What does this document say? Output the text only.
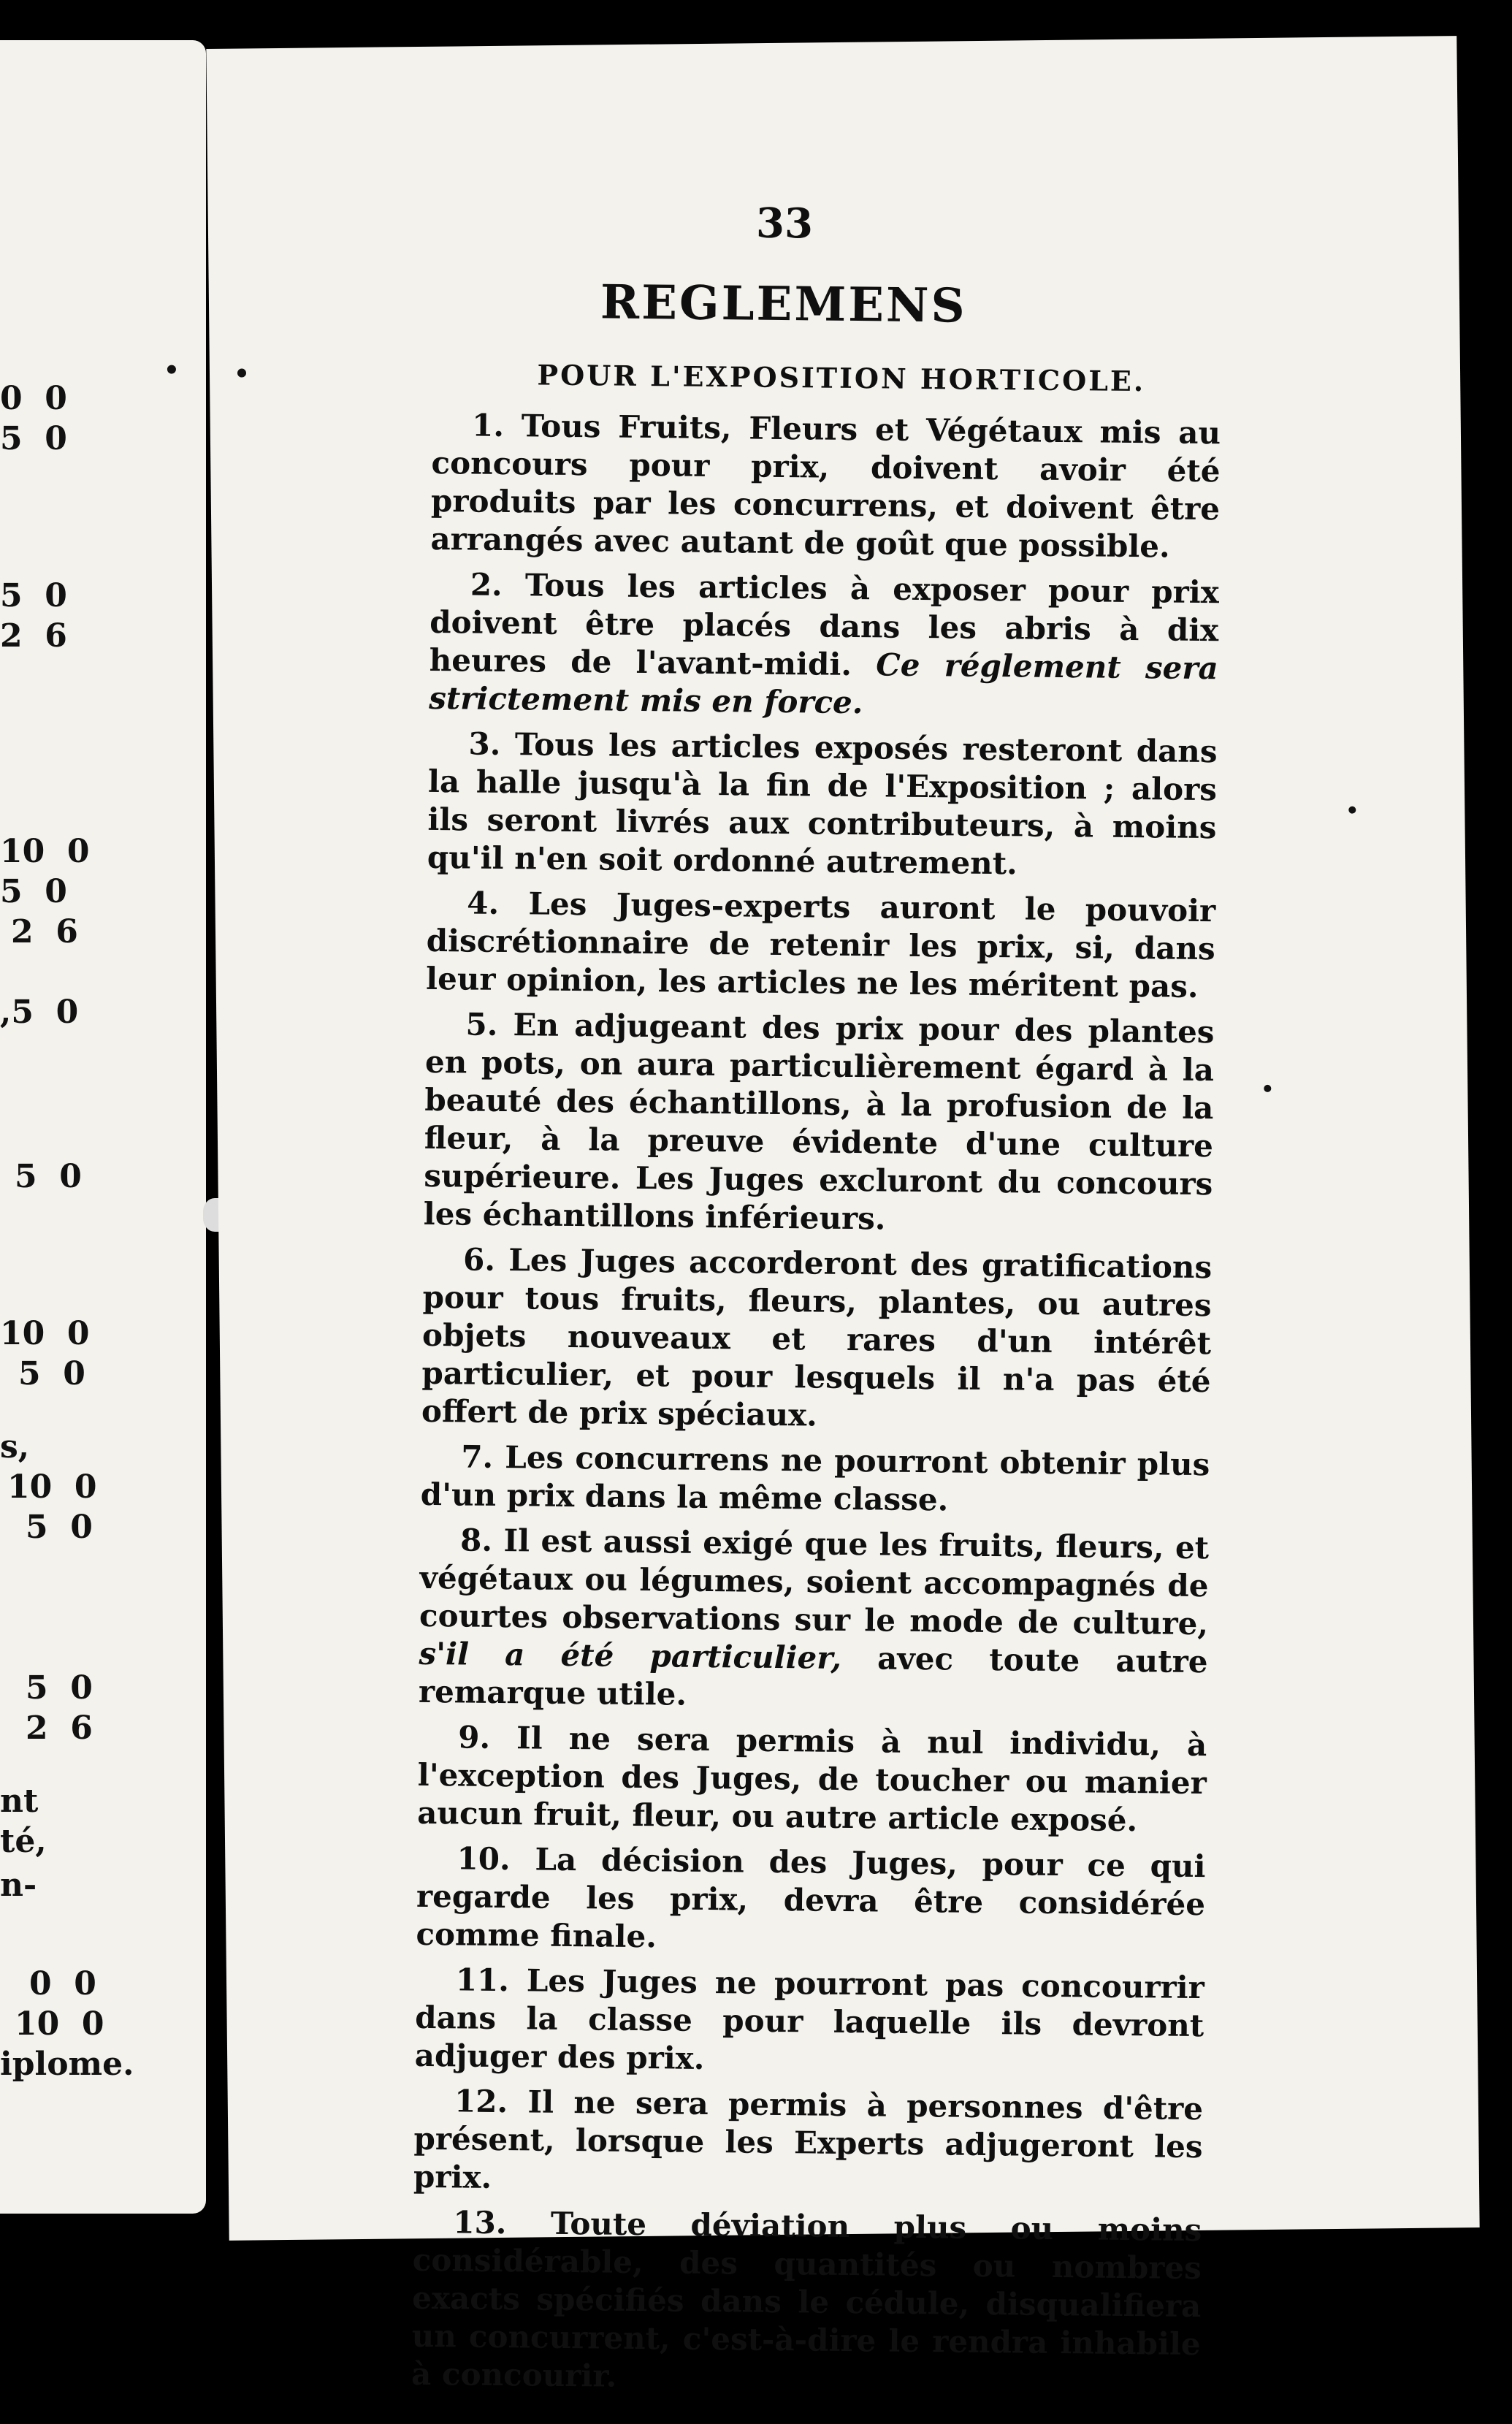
0  0
5  0
5  0
2  6
10  0
5  0
2  6
,5  0
5  0
10  0
5  0
s,
10  0
5  0
5  0
2  6
nt
té,
n-
0  0
10  0
iplome.
33
REGLEMENS
POUR L'EXPOSITION HORTICOLE.

1. Tous Fruits, Fleurs et Végétaux mis au concours pour prix, doivent avoir été produits par les concurrens, et doivent être arrangés avec autant de goût que possible.

2. Tous les articles à exposer pour prix doivent être placés dans les abris à dix heures de l'avant-midi. Ce réglement sera strictement mis en force.

3. Tous les articles exposés resteront dans la halle jusqu'à la fin de l'Exposition ; alors ils seront livrés aux contributeurs, à moins qu'il n'en soit ordonné autrement.

4. Les Juges-experts auront le pouvoir discrétionnaire de retenir les prix, si, dans leur opinion, les articles ne les méritent pas.

5. En adjugeant des prix pour des plantes en pots, on aura particulièrement égard à la beauté des échantillons, à la profusion de la fleur, à la preuve évidente d'une culture supérieure. Les Juges excluront du concours les échantillons inférieurs.

6. Les Juges accorderont des gratifications pour tous fruits, fleurs, plantes, ou autres objets nouveaux et rares d'un intérêt particulier, et pour lesquels il n'a pas été offert de prix spéciaux.

7. Les concurrens ne pourront obtenir plus d'un prix dans la même classe.

8. Il est aussi exigé que les fruits, fleurs, et végétaux ou légumes, soient accompagnés de courtes observations sur le mode de culture, s'il a été particulier, avec toute autre remarque utile.

9. Il ne sera permis à nul individu, à l'exception des Juges, de toucher ou manier aucun fruit, fleur, ou autre article exposé.

10. La décision des Juges, pour ce qui regarde les prix, devra être considérée comme finale.

11. Les Juges ne pourront pas concourrir dans la classe pour laquelle ils devront adjuger des prix.

12. Il ne sera permis à personnes d'être présent, lorsque les Experts adjugeront les prix.

13. Toute déviation plus ou moins considérable, des quantités ou nombres exacts spécifiés dans le cédule, disqualifiera un concurrent, c'est-à-dire le rendra inhabile à concourir.
